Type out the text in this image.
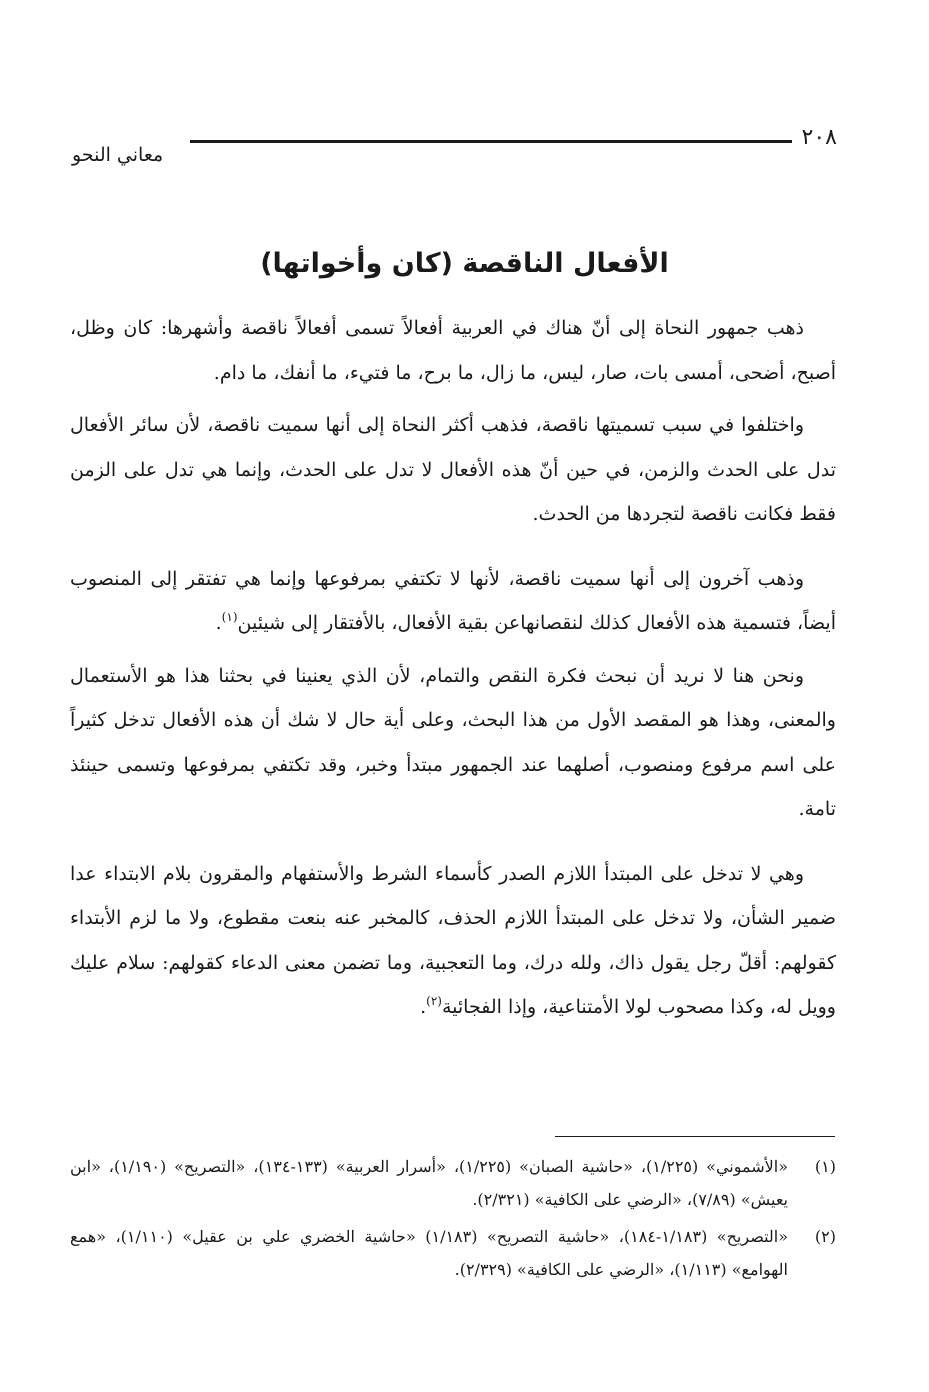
٢٠٨
معاني النحو
الأفعال الناقصة (كان وأخواتها)

ذهب جمهور النحاة إلى أنّ هناك في العربية أفعالاً تسمى أفعالاً ناقصة وأشهرها: كان وظل، أصبح، أضحى، أمسى بات، صار، ليس، ما زال، ما برح، ما فتيء، ما أنفك، ما دام.

واختلفوا في سبب تسميتها ناقصة، فذهب أكثر النحاة إلى أنها سميت ناقصة، لأن سائر الأفعال تدل على الحدث والزمن، في حين أنّ هذه الأفعال لا تدل على الحدث، وإنما هي تدل على الزمن فقط فكانت ناقصة لتجردها من الحدث.

وذهب آخرون إلى أنها سميت ناقصة، لأنها لا تكتفي بمرفوعها وإنما هي تفتقر إلى المنصوب أيضاً، فتسمية هذه الأفعال كذلك لنقصانهاعن بقية الأفعال، بالأفتقار إلى شيئين$^{(١)}$.

ونحن هنا لا نريد أن نبحث فكرة النقص والتمام، لأن الذي يعنينا في بحثنا هذا هو الأستعمال والمعنى، وهذا هو المقصد الأول من هذا البحث، وعلى أية حال لا شك أن هذه الأفعال تدخل كثيراً على اسم مرفوع ومنصوب، أصلهما عند الجمهور مبتدأ وخبر، وقد تكتفي بمرفوعها وتسمى حينئذ تامة.

وهي لا تدخل على المبتدأ اللازم الصدر كأسماء الشرط والأستفهام والمقرون بلام الابتداء عدا ضمير الشأن، ولا تدخل على المبتدأ اللازم الحذف، كالمخبر عنه بنعت مقطوع، ولا ما لزم الأبتداء كقولهم: أقلّ رجل يقول ذاك، ولله درك، وما التعجبية، وما تضمن معنى الدعاء كقولهم: سلام عليك وويل له، وكذا مصحوب لولا الأمتناعية، وإذا الفجائية$^{(٢)}$.

(١)
«الأشموني» (١/٢٢٥)، «حاشية الصبان» (١/٢٢٥)، «أسرار العربية» (١٣٣-١٣٤)، «التصريح» (١/١٩٠)، «ابن يعيش» (٧/٨٩)، «الرضي على الكافية» (٢/٣٢١).
(٢)
«التصريح» (١/١٨٣-١٨٤)، «حاشية التصريح» (١/١٨٣) «حاشية الخضري علي بن عقيل» (١/١١٠)، «همع الهوامع» (١/١١٣)، «الرضي على الكافية» (٢/٣٢٩).
